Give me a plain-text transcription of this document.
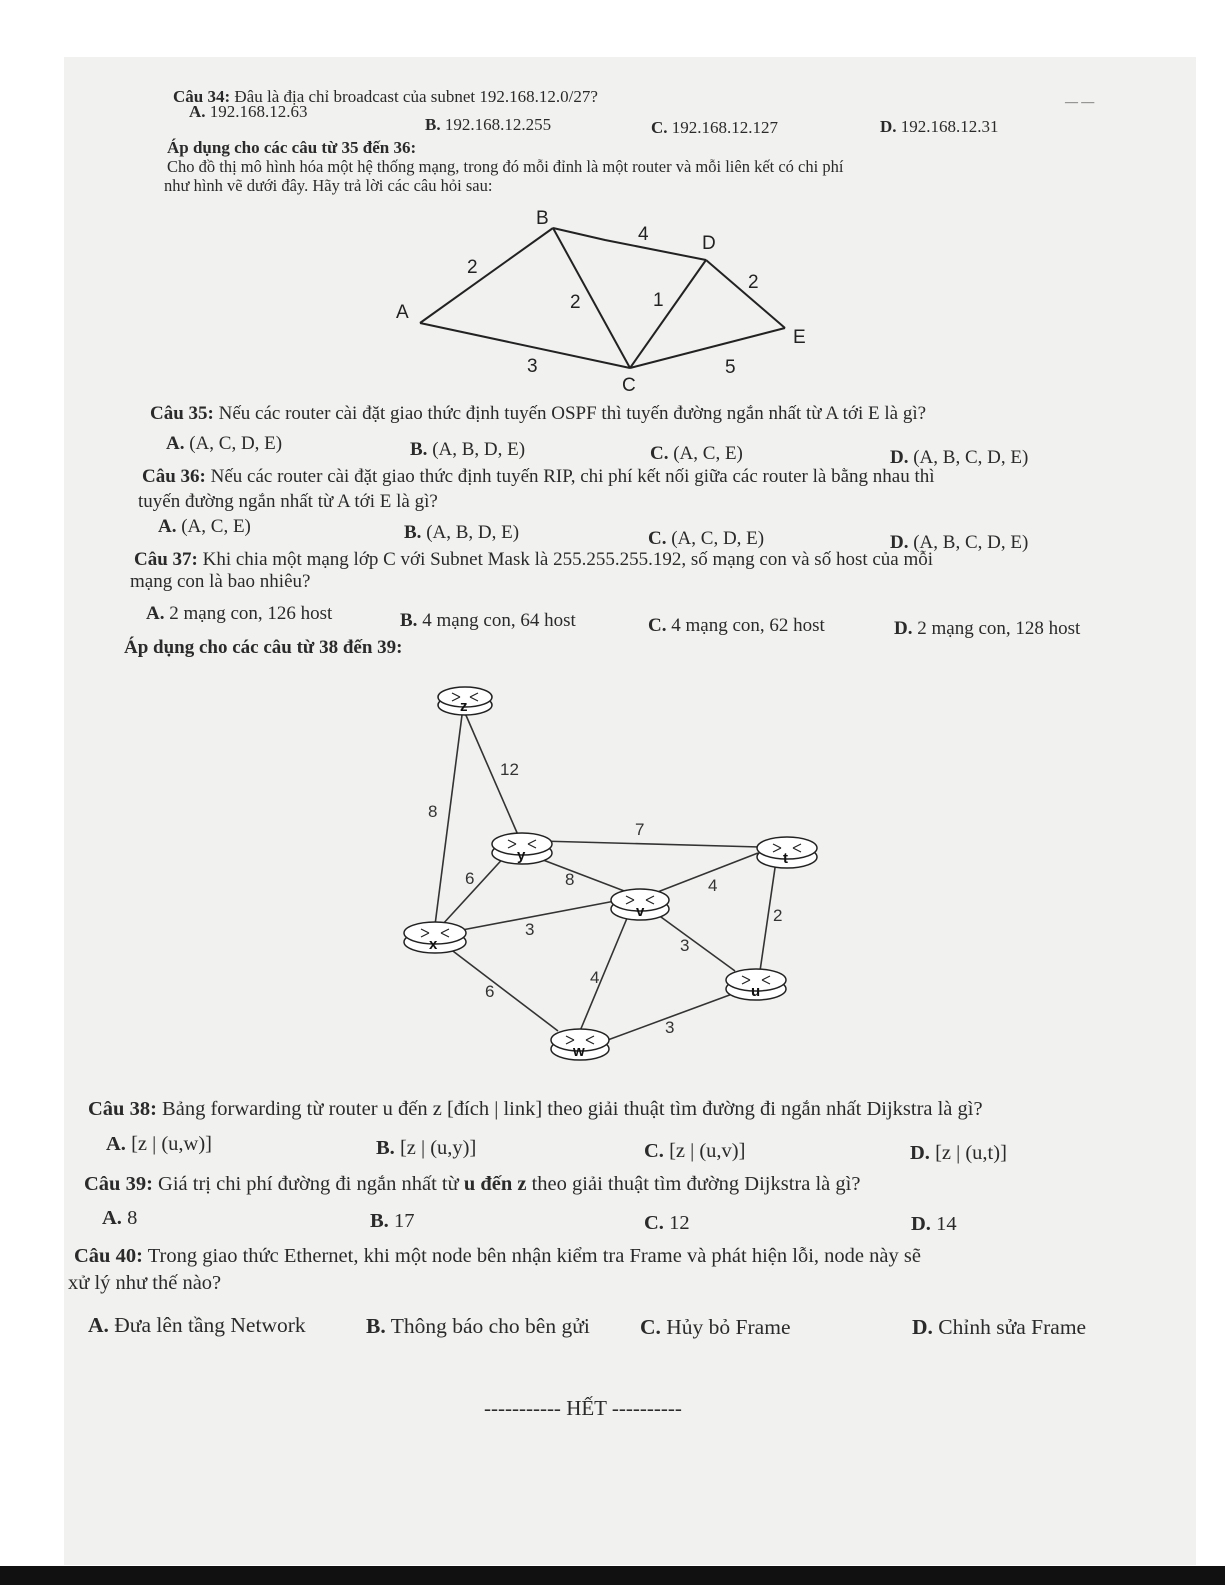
Câu 34: Đâu là địa chỉ broadcast của subnet 192.168.12.0/27?
A. 192.168.12.63
B. 192.168.12.255	C. 192.168.12.127	D. 192.168.12.31
— —
Áp dụng cho các câu từ 35 đến 36:
Cho đồ thị mô hình hóa một hệ thống mạng, trong đó mỗi đỉnh là một router và mỗi liên kết có chi phí
như hình vẽ dưới đây. Hãy trả lời các câu hỏi sau:
A
B
C
D
E
2
3
2
4
1
2
5
Câu 35: Nếu các router cài đặt giao thức định tuyến OSPF thì tuyến đường ngắn nhất từ A tới E là gì?
A. (A, C, D, E)	B. (A, B, D, E)	C. (A, C, E)	D. (A, B, C, D, E)
Câu 36: Nếu các router cài đặt giao thức định tuyến RIP, chi phí kết nối giữa các router là bằng nhau thì
tuyến đường ngắn nhất từ A tới E là gì?
A. (A, C, E)	B. (A, B, D, E)	C. (A, C, D, E)	D. (A, B, C, D, E)
Câu 37: Khi chia một mạng lớp C với Subnet Mask là 255.255.255.192, số mạng con và số host của mỗi
mạng con là bao nhiêu?
A. 2 mạng con, 126 host	B. 4 mạng con, 64 host	C. 4 mạng con, 62 host	D. 2 mạng con, 128 host
Áp dụng cho các câu từ 38 đến 39:
z
y	t
v
x
u
w
12
8
7
6	8	4
2
3
3
4
6
3
Câu 38: Bảng forwarding từ router u đến z [đích | link] theo giải thuật tìm đường đi ngắn nhất Dijkstra là gì?
A. [z | (u,w)]	B. [z | (u,y)]	C. [z | (u,v)]	D. [z | (u,t)]
Câu 39: Giá trị chi phí đường đi ngắn nhất từ u đến z theo giải thuật tìm đường Dijkstra là gì?
A. 8	B. 17	C. 12	D. 14
Câu 40: Trong giao thức Ethernet, khi một node bên nhận kiểm tra Frame và phát hiện lỗi, node này sẽ
xử lý như thế nào?
A. Đưa lên tầng Network	B. Thông báo cho bên gửi C. Hủy bỏ Frame	D. Chỉnh sửa Frame
----------- HẾT ----------
